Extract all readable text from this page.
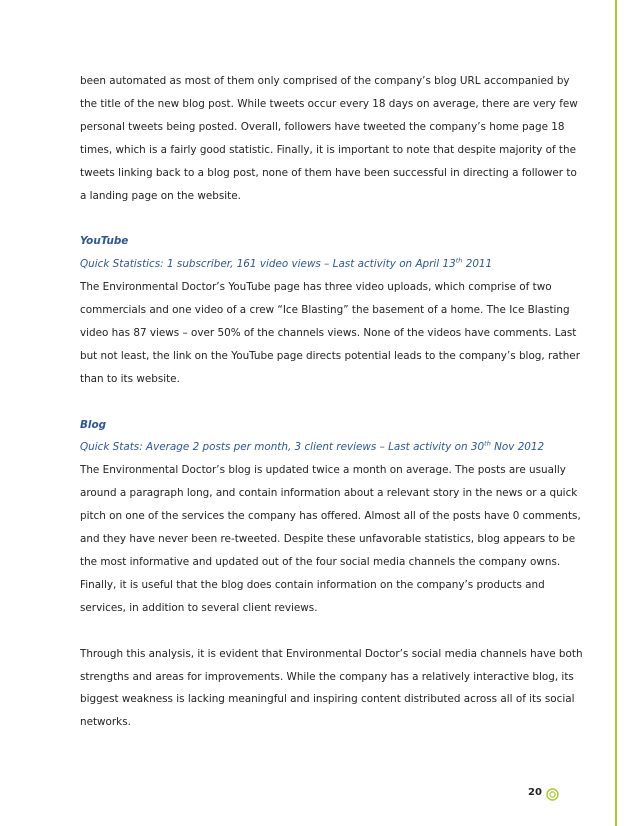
been automated as most of them only comprised of the company’s blog URL accompanied by the title of the new blog post. While tweets occur every 18 days on average, there are very few personal tweets being posted. Overall, followers have tweeted the company’s home page 18 times, which is a fairly good statistic. Finally, it is important to note that despite majority of the tweets linking back to a blog post, none of them have been successful in directing a follower to a landing page on the website.

YouTube

Quick Statistics: 1 subscriber, 161 video views – Last activity on April 13th 2011

The Environmental Doctor’s YouTube page has three video uploads, which comprise of two commercials and one video of a crew “Ice Blasting” the basement of a home. The Ice Blasting video has 87 views – over 50% of the channels views. None of the videos have comments. Last but not least, the link on the YouTube page directs potential leads to the company’s blog, rather than to its website.

Blog

Quick Stats: Average 2 posts per month, 3 client reviews – Last activity on 30th Nov 2012

The Environmental Doctor’s blog is updated twice a month on average. The posts are usually around a paragraph long, and contain information about a relevant story in the news or a quick pitch on one of the services the company has offered. Almost all of the posts have 0 comments, and they have never been re-tweeted. Despite these unfavorable statistics, blog appears to be the most informative and updated out of the four social media channels the company owns. Finally, it is useful that the blog does contain information on the company’s products and services, in addition to several client reviews.

Through this analysis, it is evident that Environmental Doctor’s social media channels have both strengths and areas for improvements. While the company has a relatively interactive blog, its biggest weakness is lacking meaningful and inspiring content distributed across all of its social networks.

20
